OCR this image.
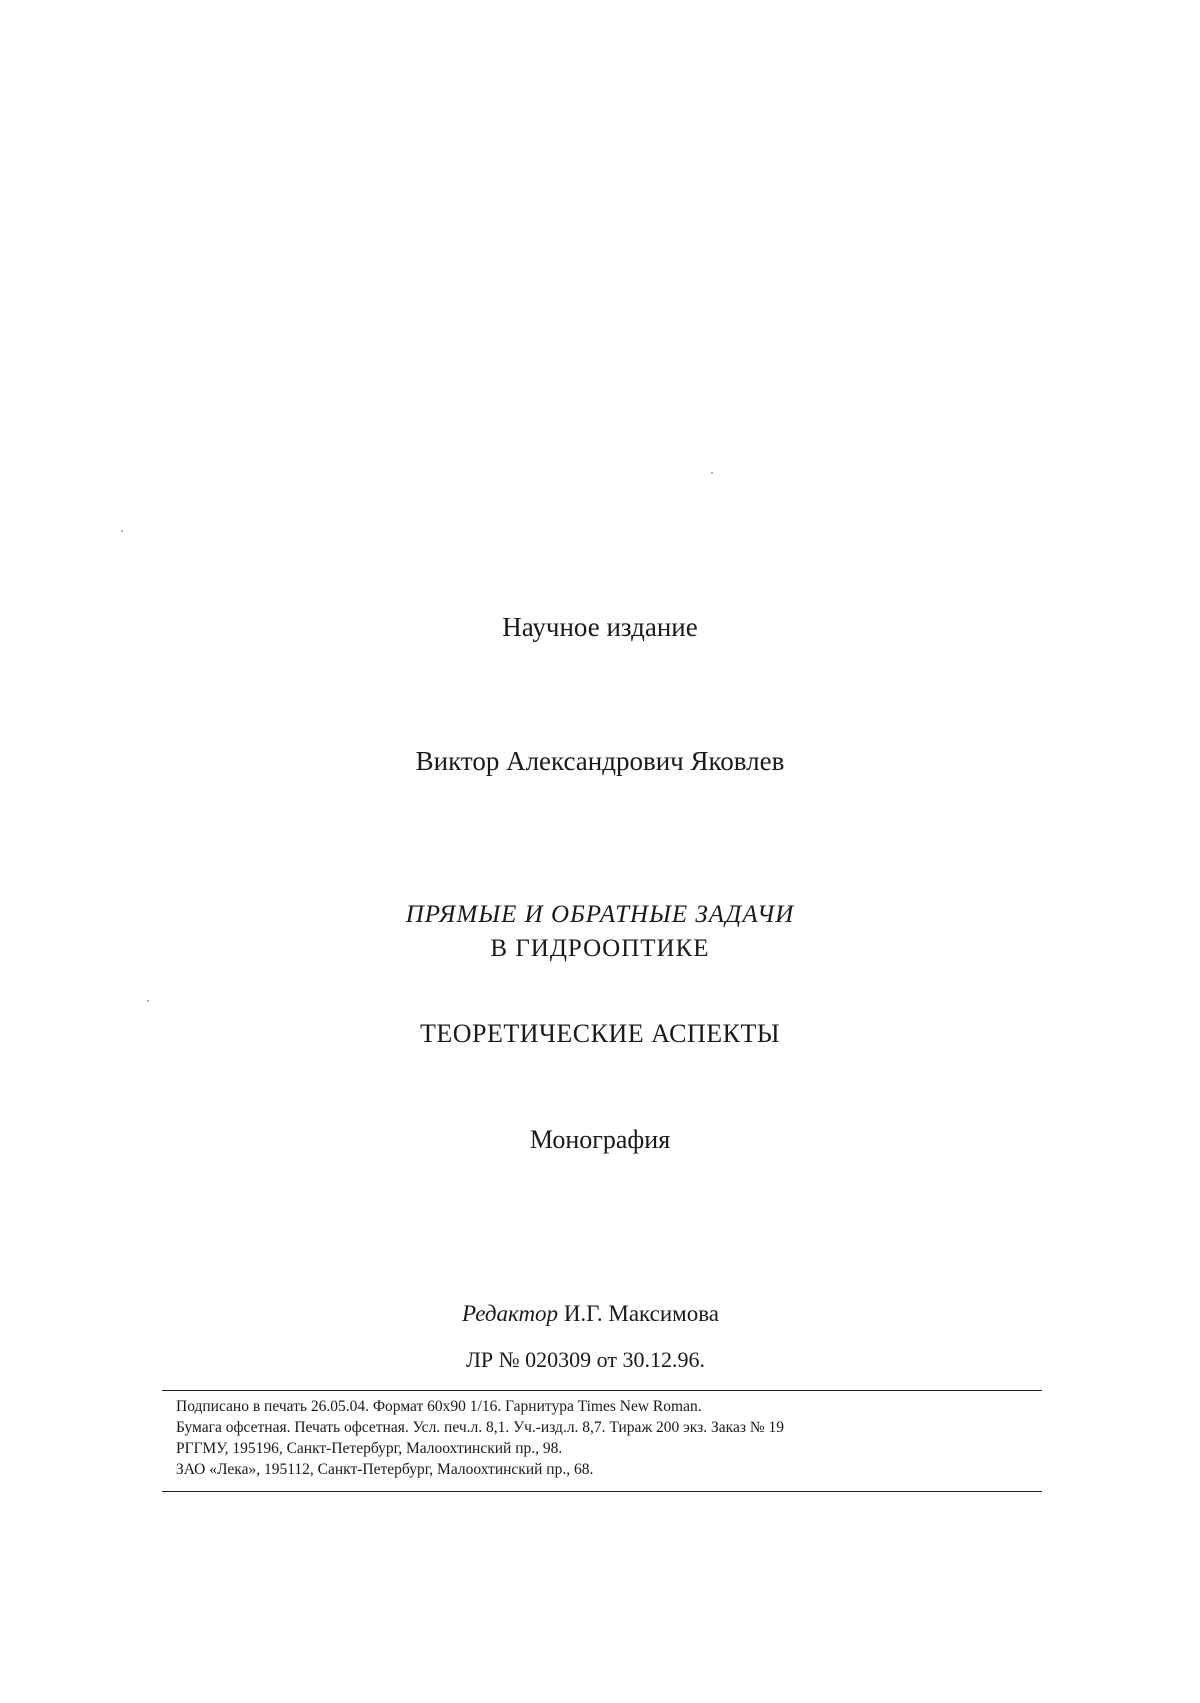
Научное издание
Виктор Александрович Яковлев
ПРЯМЫЕ И ОБРАТНЫЕ ЗАДАЧИ
В ГИДРООПТИКЕ
ТЕОРЕТИЧЕСКИЕ АСПЕКТЫ
Монография
Редактор И.Г. Максимова
ЛР № 020309 от 30.12.96.
Подписано в печать 26.05.04. Формат 60х90 1/16. Гарнитура Times New Roman.
Бумага офсетная. Печать офсетная. Усл. печ.л. 8,1. Уч.-изд.л. 8,7. Тираж 200 экз. Заказ № 19
РГГМУ, 195196, Санкт-Петербург, Малоохтинский пр., 98.
ЗАО «Лека», 195112, Санкт-Петербург, Малоохтинский пр., 68.
